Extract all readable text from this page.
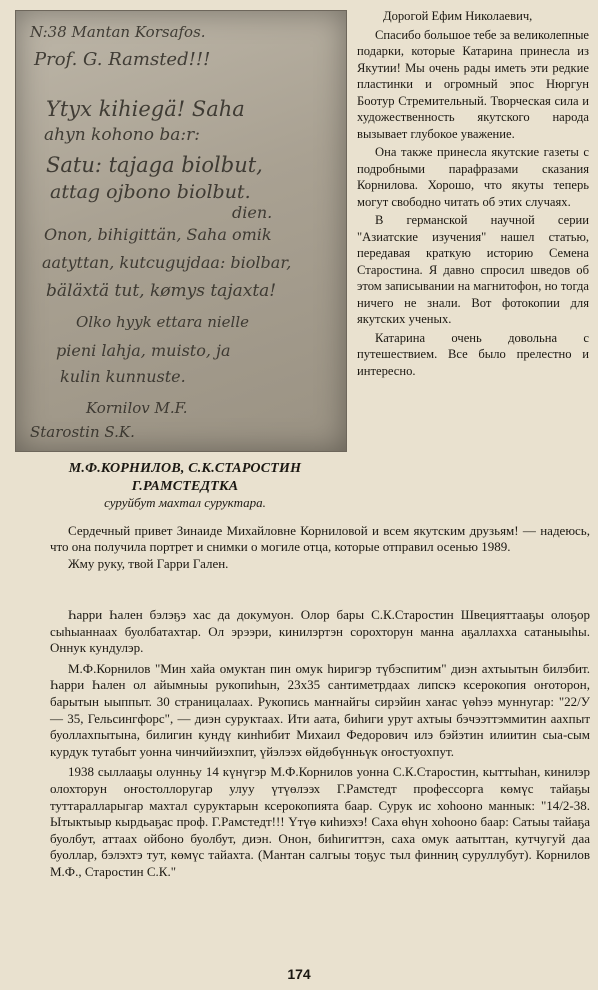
N:38 Mantan Korsafos.
Prof. G. Ramsted!!!
Ytyx kihiegä! Saha
ahyn kohono ba:r:
Satu: tajaga biolbut,
attag ojbono biolbut.
dien.
Onon, bihigittän, Saha omik
aatyttan, kutcugujdaa: biolbar,
bäläxtä tut, kømys tajaxta!
Olko hyyk ettara nielle
pieni lahja, muisto, ja
kulin kunnuste.
Kornilov M.F.
Starostin S.K.
М.Ф.КОРНИЛОВ, С.К.СТАРОСТИН
Г.РАМСТЕДТКА
суруйбут махтал суруктара.

Дорогой Ефим Николаевич,

Спасибо большое тебе за великолепные подарки, которые Катарина принесла из Якутии! Мы очень рады иметь эти редкие пластинки и огромный эпос Нюргун Боотур Стремительный. Творческая сила и художественность якутского народа вызывает глубокое уважение.

Она также принесла якутские газеты с подробными парафразами сказания Корнилова. Хорошо, что якуты теперь могут свободно читать об этих случаях.

В германской научной серии "Азиатские изучения" нашел статью, передавая краткую историю Семена Старостина. Я давно спросил шведов об этом записывании на магнитофон, но тогда ничего не знали. Вот фотокопии для якутских ученых.

Катарина очень довольна с путешествием. Все было прелестно и интересно.

Сердечный привет Зинаиде Михайловне Корниловой и всем якутским друзьям! — надеюсь, что она получила портрет и снимки о могиле отца, которые отправил осенью 1989.

Жму руку, твой Гарри Гален.

Һарри Һален бэлэҕэ хас да докумуон. Олор бары С.К.Старостин Швецияттааҕы олоҕор сыһыаннаах буолбатахтар. Ол эрээри, кинилэртэн сорохторун манна аҕаллахха сатаныыһы. Оннук кундулэр.

М.Ф.Корнилов "Мин хайа омуктан пин омук һиригэр түбэспитим" диэн ахтыытын билэбит. Һарри Һален ол айымныы рукопиһын, 23х35 сантиметрдаах липскэ ксерокопия оҥоторон, барытын ыыппыт. 30 страницалаах. Рукопись маҥнайгы сирэйин хаҥас үөһээ муннугар: "22/У — 35, Гельсингфорс", — диэн суруктаах. Ити аата, биһиги урут ахтыы бэчээттэммитин аахпыт буоллахпытына, билигин кундү кинһибит Михаил Федорович илэ бэйэтин илиитин сыа-сым курдук тутабыт уонна чинчийиэхпит, үйэлээх өйдөбүнньүк оҥостуохпут.

1938 сыллааҕы олунньу 14 күнүгэр М.Ф.Корнилов уонна С.К.Старостин, кыттыһан, кинилэр олохторун оҥостоллоругар улуу үтүөлээх Г.Рамстедт профессорга кɵмүс тайаҕы туттаралларыгар махтал суруктарын ксерокопията баар. Сурук ис хоһооно маннык: "14/2-38. Ытыктыыр кырдьаҕас проф. Г.Рамстедт!!! Үтүө киһиэхэ! Саха өһүн хоһооно баар: Сатыы тайаҕа буолбут, аттаах ойбоно буолбут, диэн. Онон, биһигиттэн, саха омук аатыттан, кутчугуй даа буоллар, бэлэхтэ тут, көмүс тайахта. (Мантан салгыы тоҕус тыл финниң суруллубут). Корнилов М.Ф., Старостин С.К."

174
